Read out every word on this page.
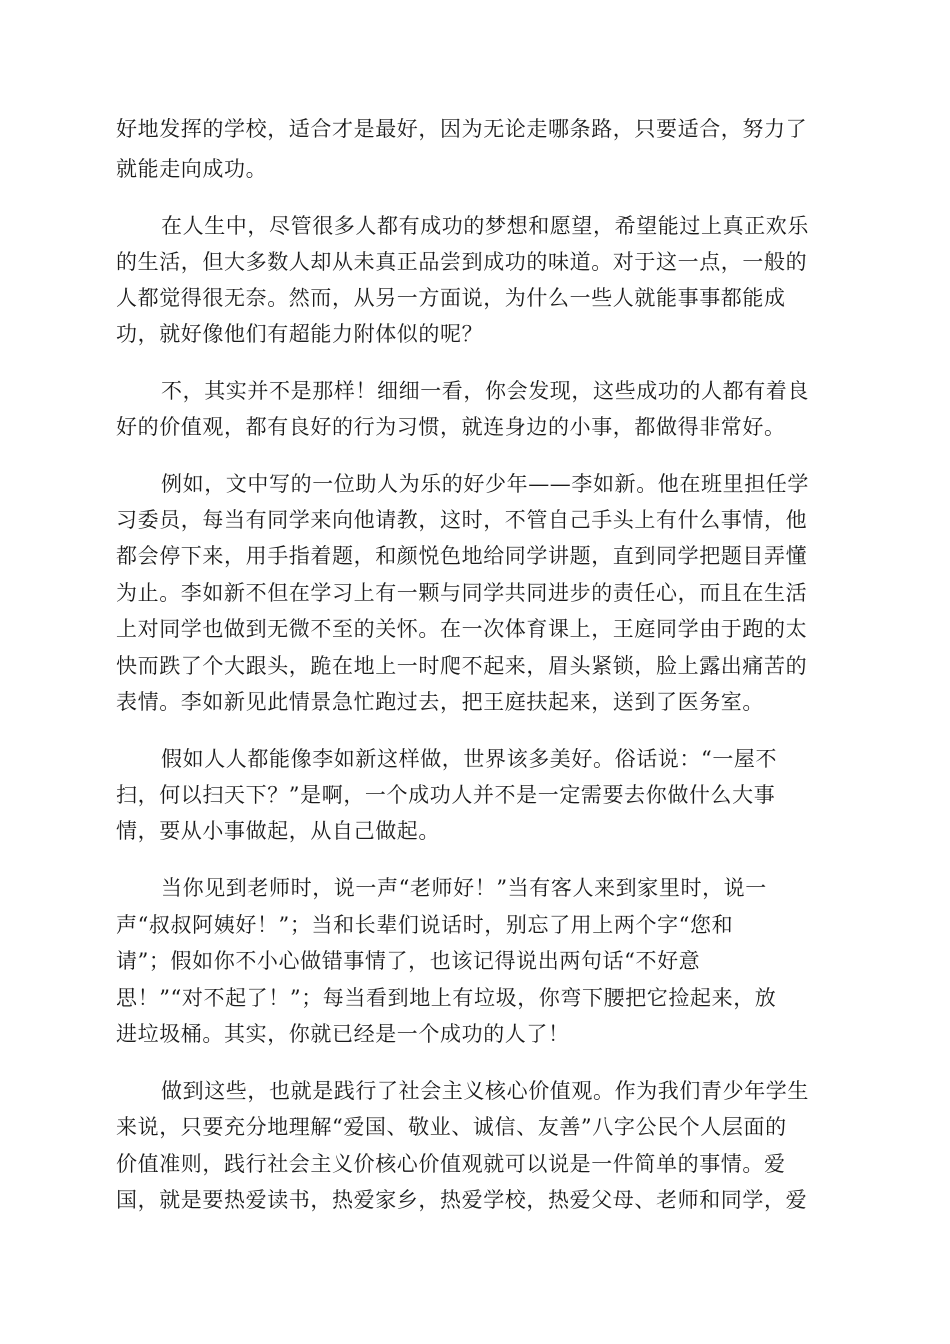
好地发挥的学校，适合才是最好，因为无论走哪条路，只要适合，努力了
就能走向成功。
在人生中，尽管很多人都有成功的梦想和愿望，希望能过上真正欢乐
的生活，但大多数人却从未真正品尝到成功的味道。对于这一点，一般的
人都觉得很无奈。然而，从另一方面说，为什么一些人就能事事都能成
功，就好像他们有超能力附体似的呢？
不，其实并不是那样！细细一看，你会发现，这些成功的人都有着良
好的价值观，都有良好的行为习惯，就连身边的小事，都做得非常好。
例如，文中写的一位助人为乐的好少年——李如新。他在班里担任学
习委员，每当有同学来向他请教，这时，不管自己手头上有什么事情，他
都会停下来，用手指着题，和颜悦色地给同学讲题，直到同学把题目弄懂
为止。李如新不但在学习上有一颗与同学共同进步的责任心，而且在生活
上对同学也做到无微不至的关怀。在一次体育课上，王庭同学由于跑的太
快而跌了个大跟头，跪在地上一时爬不起来，眉头紧锁，脸上露出痛苦的
表情。李如新见此情景急忙跑过去，把王庭扶起来，送到了医务室。
假如人人都能像李如新这样做，世界该多美好。俗话说：“一屋不
扫，何以扫天下？”是啊，一个成功人并不是一定需要去你做什么大事
情，要从小事做起，从自己做起。
当你见到老师时，说一声“老师好！”当有客人来到家里时，说一
声“叔叔阿姨好！”；当和长辈们说话时，别忘了用上两个字“您和
请”；假如你不小心做错事情了，也该记得说出两句话“不好意
思！”“对不起了！”；每当看到地上有垃圾，你弯下腰把它捡起来，放
进垃圾桶。其实，你就已经是一个成功的人了！
做到这些，也就是践行了社会主义核心价值观。作为我们青少年学生
来说，只要充分地理解“爱国、敬业、诚信、友善”八字公民个人层面的
价值准则，践行社会主义价核心价值观就可以说是一件简单的事情。爱
国，就是要热爱读书，热爱家乡，热爱学校，热爱父母、老师和同学，爱
